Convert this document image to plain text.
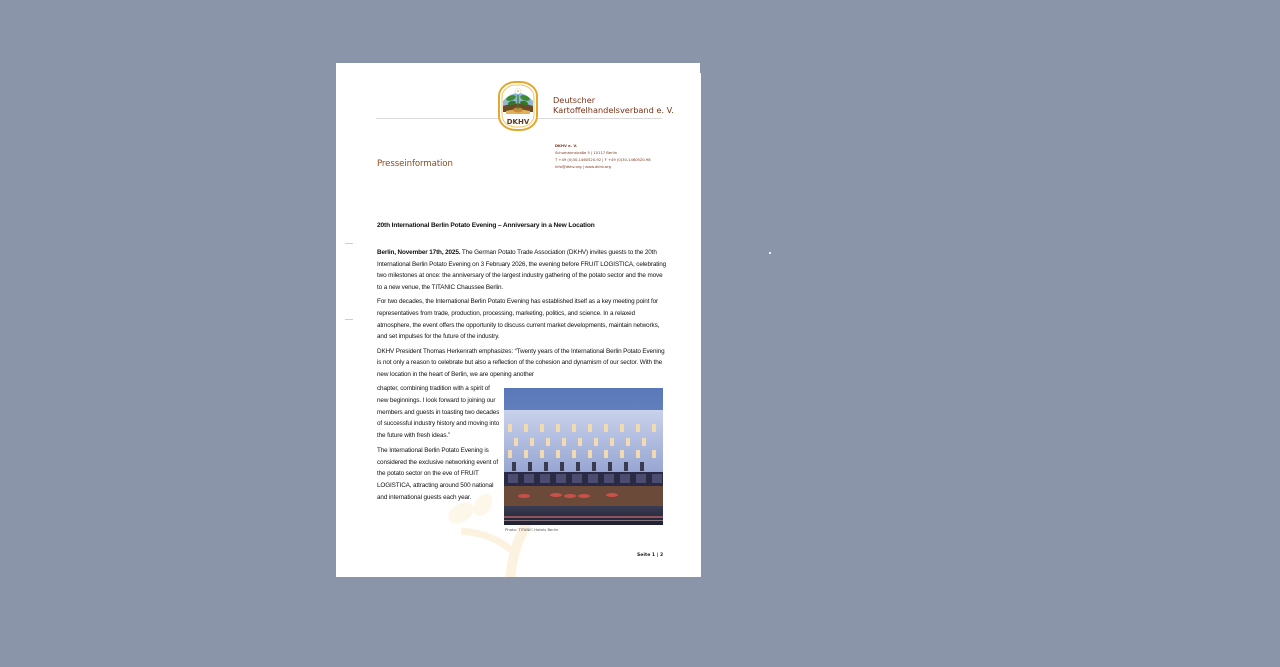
DKHV
Deutscher
Kartoffelhandelsverband e. V.
DKHV e. V.
Schumannstraße 5 | 10117 Berlin
T +49 (0)30-1460520-92 | F +49 (0)30-1460520-98
info@dkhv.org | www.dkhv.org
Presseinformation
20th International Berlin Potato Evening – Anniversary in a New Location

Berlin, November 17th, 2025. The German Potato Trade Association (DKHV) invites guests to the 20th International Berlin Potato Evening on 3 February 2026, the evening before FRUIT LOGISTICA, celebrating two milestones at once: the anniversary of the largest industry gathering of the potato sector and the move to a new venue, the TITANIC Chaussee Berlin.

For two decades, the International Berlin Potato Evening has established itself as a key meeting point for representatives from trade, production, processing, marketing, politics, and science. In a relaxed atmosphere, the event offers the opportunity to discuss current market developments, maintain networks, and set impulses for the future of the industry.

DKHV President Thomas Herkenrath emphasizes: “Twenty years of the International Berlin Potato Evening is not only a reason to celebrate but also a reflection of the cohesion and dynamism of our sector. With the new location in the heart of Berlin, we are opening another

chapter, combining tradition with a spirit of new beginnings. I look forward to joining our members and guests in toasting two decades of successful industry history and moving into the future with fresh ideas.”

The International Berlin Potato Evening is considered the exclusive networking event of the potato sector on the eve of FRUIT LOGISTICA, attracting around 500 national and international guests each year.

Photo: TITANIC Hotels Berlin
Seite 1 | 2
